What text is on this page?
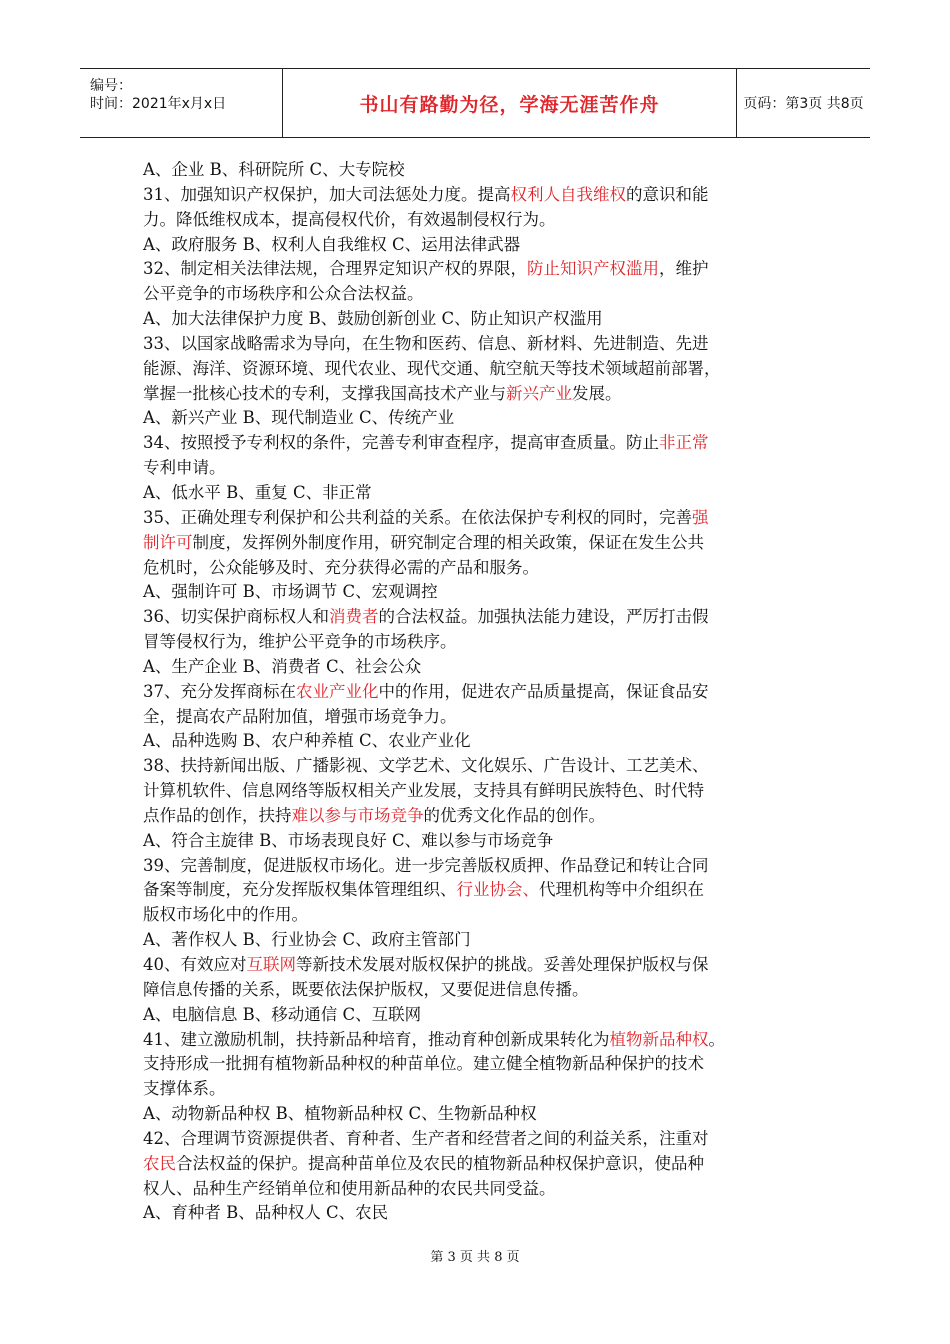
编号：
时间：2021年x月x日	书山有路勤为径，学海无涯苦作舟	页码：第3页 共8页
A、企业 B、科研院所 C、大专院校
31、加强知识产权保护，加大司法惩处力度。提高权利人自我维权的意识和能
力。降低维权成本，提高侵权代价，有效遏制侵权行为。
A、政府服务 B、权利人自我维权 C、运用法律武器
32、制定相关法律法规，合理界定知识产权的界限，防止知识产权滥用，维护
公平竞争的市场秩序和公众合法权益。
A、加大法律保护力度 B、鼓励创新创业 C、防止知识产权滥用
33、以国家战略需求为导向，在生物和医药、信息、新材料、先进制造、先进
能源、海洋、资源环境、现代农业、现代交通、航空航天等技术领域超前部署，
掌握一批核心技术的专利，支撑我国高技术产业与新兴产业发展。
A、新兴产业 B、现代制造业 C、传统产业
34、按照授予专利权的条件，完善专利审查程序，提高审查质量。防止非正常
专利申请。
A、低水平 B、重复 C、非正常
35、正确处理专利保护和公共利益的关系。在依法保护专利权的同时，完善强
制许可制度，发挥例外制度作用，研究制定合理的相关政策，保证在发生公共
危机时，公众能够及时、充分获得必需的产品和服务。
A、强制许可 B、市场调节 C、宏观调控
36、切实保护商标权人和消费者的合法权益。加强执法能力建设，严厉打击假
冒等侵权行为，维护公平竞争的市场秩序。
A、生产企业 B、消费者 C、社会公众
37、充分发挥商标在农业产业化中的作用，促进农产品质量提高，保证食品安
全，提高农产品附加值，增强市场竞争力。
A、品种选购 B、农户种养植 C、农业产业化
38、扶持新闻出版、广播影视、文学艺术、文化娱乐、广告设计、工艺美术、
计算机软件、信息网络等版权相关产业发展，支持具有鲜明民族特色、时代特
点作品的创作，扶持难以参与市场竞争的优秀文化作品的创作。
A、符合主旋律 B、市场表现良好 C、难以参与市场竞争
39、完善制度，促进版权市场化。进一步完善版权质押、作品登记和转让合同
备案等制度，充分发挥版权集体管理组织、行业协会、代理机构等中介组织在
版权市场化中的作用。
A、著作权人 B、行业协会 C、政府主管部门
40、有效应对互联网等新技术发展对版权保护的挑战。妥善处理保护版权与保
障信息传播的关系，既要依法保护版权，又要促进信息传播。
A、电脑信息 B、移动通信 C、互联网
41、建立激励机制，扶持新品种培育，推动育种创新成果转化为植物新品种权。
支持形成一批拥有植物新品种权的种苗单位。建立健全植物新品种保护的技术
支撑体系。
A、动物新品种权 B、植物新品种权 C、生物新品种权
42、合理调节资源提供者、育种者、生产者和经营者之间的利益关系，注重对
农民合法权益的保护。提高种苗单位及农民的植物新品种权保护意识，使品种
权人、品种生产经销单位和使用新品种的农民共同受益。
A、育种者 B、品种权人 C、农民
第 3 页 共 8 页
